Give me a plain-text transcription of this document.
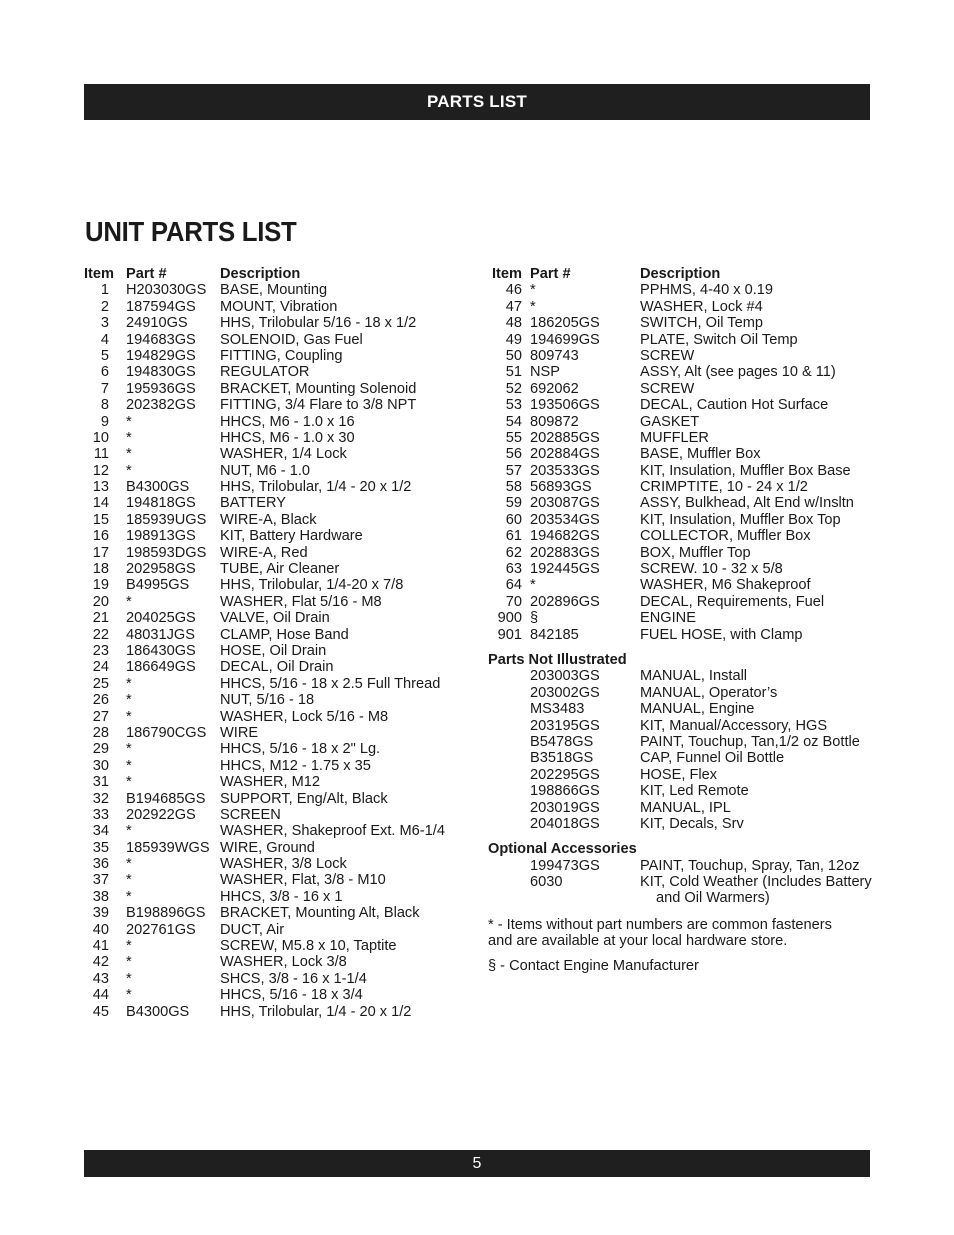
PARTS LIST
UNIT PARTS LIST
Item Part #	Description
1	H203030GS BASE, Mounting
2	187594GS	MOUNT, Vibration
3	24910GS	HHS, Trilobular 5/16 - 18 x 1/2
4	194683GS	SOLENOID, Gas Fuel
5	194829GS	FITTING, Coupling
6	194830GS	REGULATOR
7	195936GS	BRACKET, Mounting Solenoid
8	202382GS	FITTING, 3/4 Flare to 3/8 NPT
9	*	HHCS, M6 - 1.0 x 16
10	*	HHCS, M6 - 1.0 x 30
11	*	WASHER, 1/4 Lock
12	*	NUT, M6 - 1.0
13	B4300GS	HHS, Trilobular, 1/4 - 20 x 1/2
14	194818GS	BATTERY
15	185939UGS WIRE-A, Black
16	198913GS	KIT, Battery Hardware
17	198593DGS WIRE-A, Red
18	202958GS	TUBE, Air Cleaner
19	B4995GS	HHS, Trilobular, 1/4-20 x 7/8
20	*	WASHER, Flat 5/16 - M8
21	204025GS	VALVE, Oil Drain
22	48031JGS	CLAMP, Hose Band
23	186430GS	HOSE, Oil Drain
24	186649GS	DECAL, Oil Drain
25	*	HHCS, 5/16 - 18 x 2.5 Full Thread
26	*	NUT, 5/16 - 18
27	*	WASHER, Lock 5/16 - M8
28	186790CGS WIRE
29	*	HHCS, 5/16 - 18 x 2" Lg.
30	*	HHCS, M12 - 1.75 x 35
31	*	WASHER, M12
32	B194685GS SUPPORT, Eng/Alt, Black
33	202922GS	SCREEN
34	*	WASHER, Shakeproof Ext. M6-1/4
35	185939WGS WIRE, Ground
36	*	WASHER, 3/8 Lock
37	*	WASHER, Flat, 3/8 - M10
38	*	HHCS, 3/8 - 16 x 1
39	B198896GS BRACKET, Mounting Alt, Black
40	202761GS	DUCT, Air
41	*	SCREW, M5.8 x 10, Taptite
42	*	WASHER, Lock 3/8
43	*	SHCS, 3/8 - 16 x 1-1/4
44	*	HHCS, 5/16 - 18 x 3/4
45	B4300GS	HHS, Trilobular, 1/4 - 20 x 1/2
Item Part #	Description
46 *	PPHMS, 4-40 x 0.19
47 *	WASHER, Lock #4
48 186205GS	SWITCH, Oil Temp
49 194699GS	PLATE, Switch Oil Temp
50 809743	SCREW
51 NSP	ASSY, Alt (see pages 10 & 11)
52 692062	SCREW
53 193506GS	DECAL, Caution Hot Surface
54 809872	GASKET
55 202885GS	MUFFLER
56 202884GS	BASE, Muffler Box
57 203533GS	KIT, Insulation, Muffler Box Base
58 56893GS	CRIMPTITE, 10 - 24 x 1/2
59 203087GS	ASSY, Bulkhead, Alt End w/Insltn
60 203534GS	KIT, Insulation, Muffler Box Top
61 194682GS	COLLECTOR, Muffler Box
62 202883GS	BOX, Muffler Top
63 192445GS	SCREW. 10 - 32 x 5/8
64 *	WASHER, M6 Shakeproof
70 202896GS	DECAL, Requirements, Fuel
900 §	ENGINE
901 842185	FUEL HOSE, with Clamp
Parts Not Illustrated
203003GS	MANUAL, Install
203002GS	MANUAL, Operator’s
MS3483	MANUAL, Engine
203195GS	KIT, Manual/Accessory, HGS
B5478GS	PAINT, Touchup, Tan,1/2 oz Bottle
B3518GS	CAP, Funnel Oil Bottle
202295GS	HOSE, Flex
198866GS	KIT, Led Remote
203019GS	MANUAL, IPL
204018GS	KIT, Decals, Srv
Optional Accessories
199473GS	PAINT, Touchup, Spray, Tan, 12oz
6030	KIT, Cold Weather (Includes Battery
and Oil Warmers)
* - Items without part numbers are common fasteners and are available at your local hardware store.
§ - Contact Engine Manufacturer
5
